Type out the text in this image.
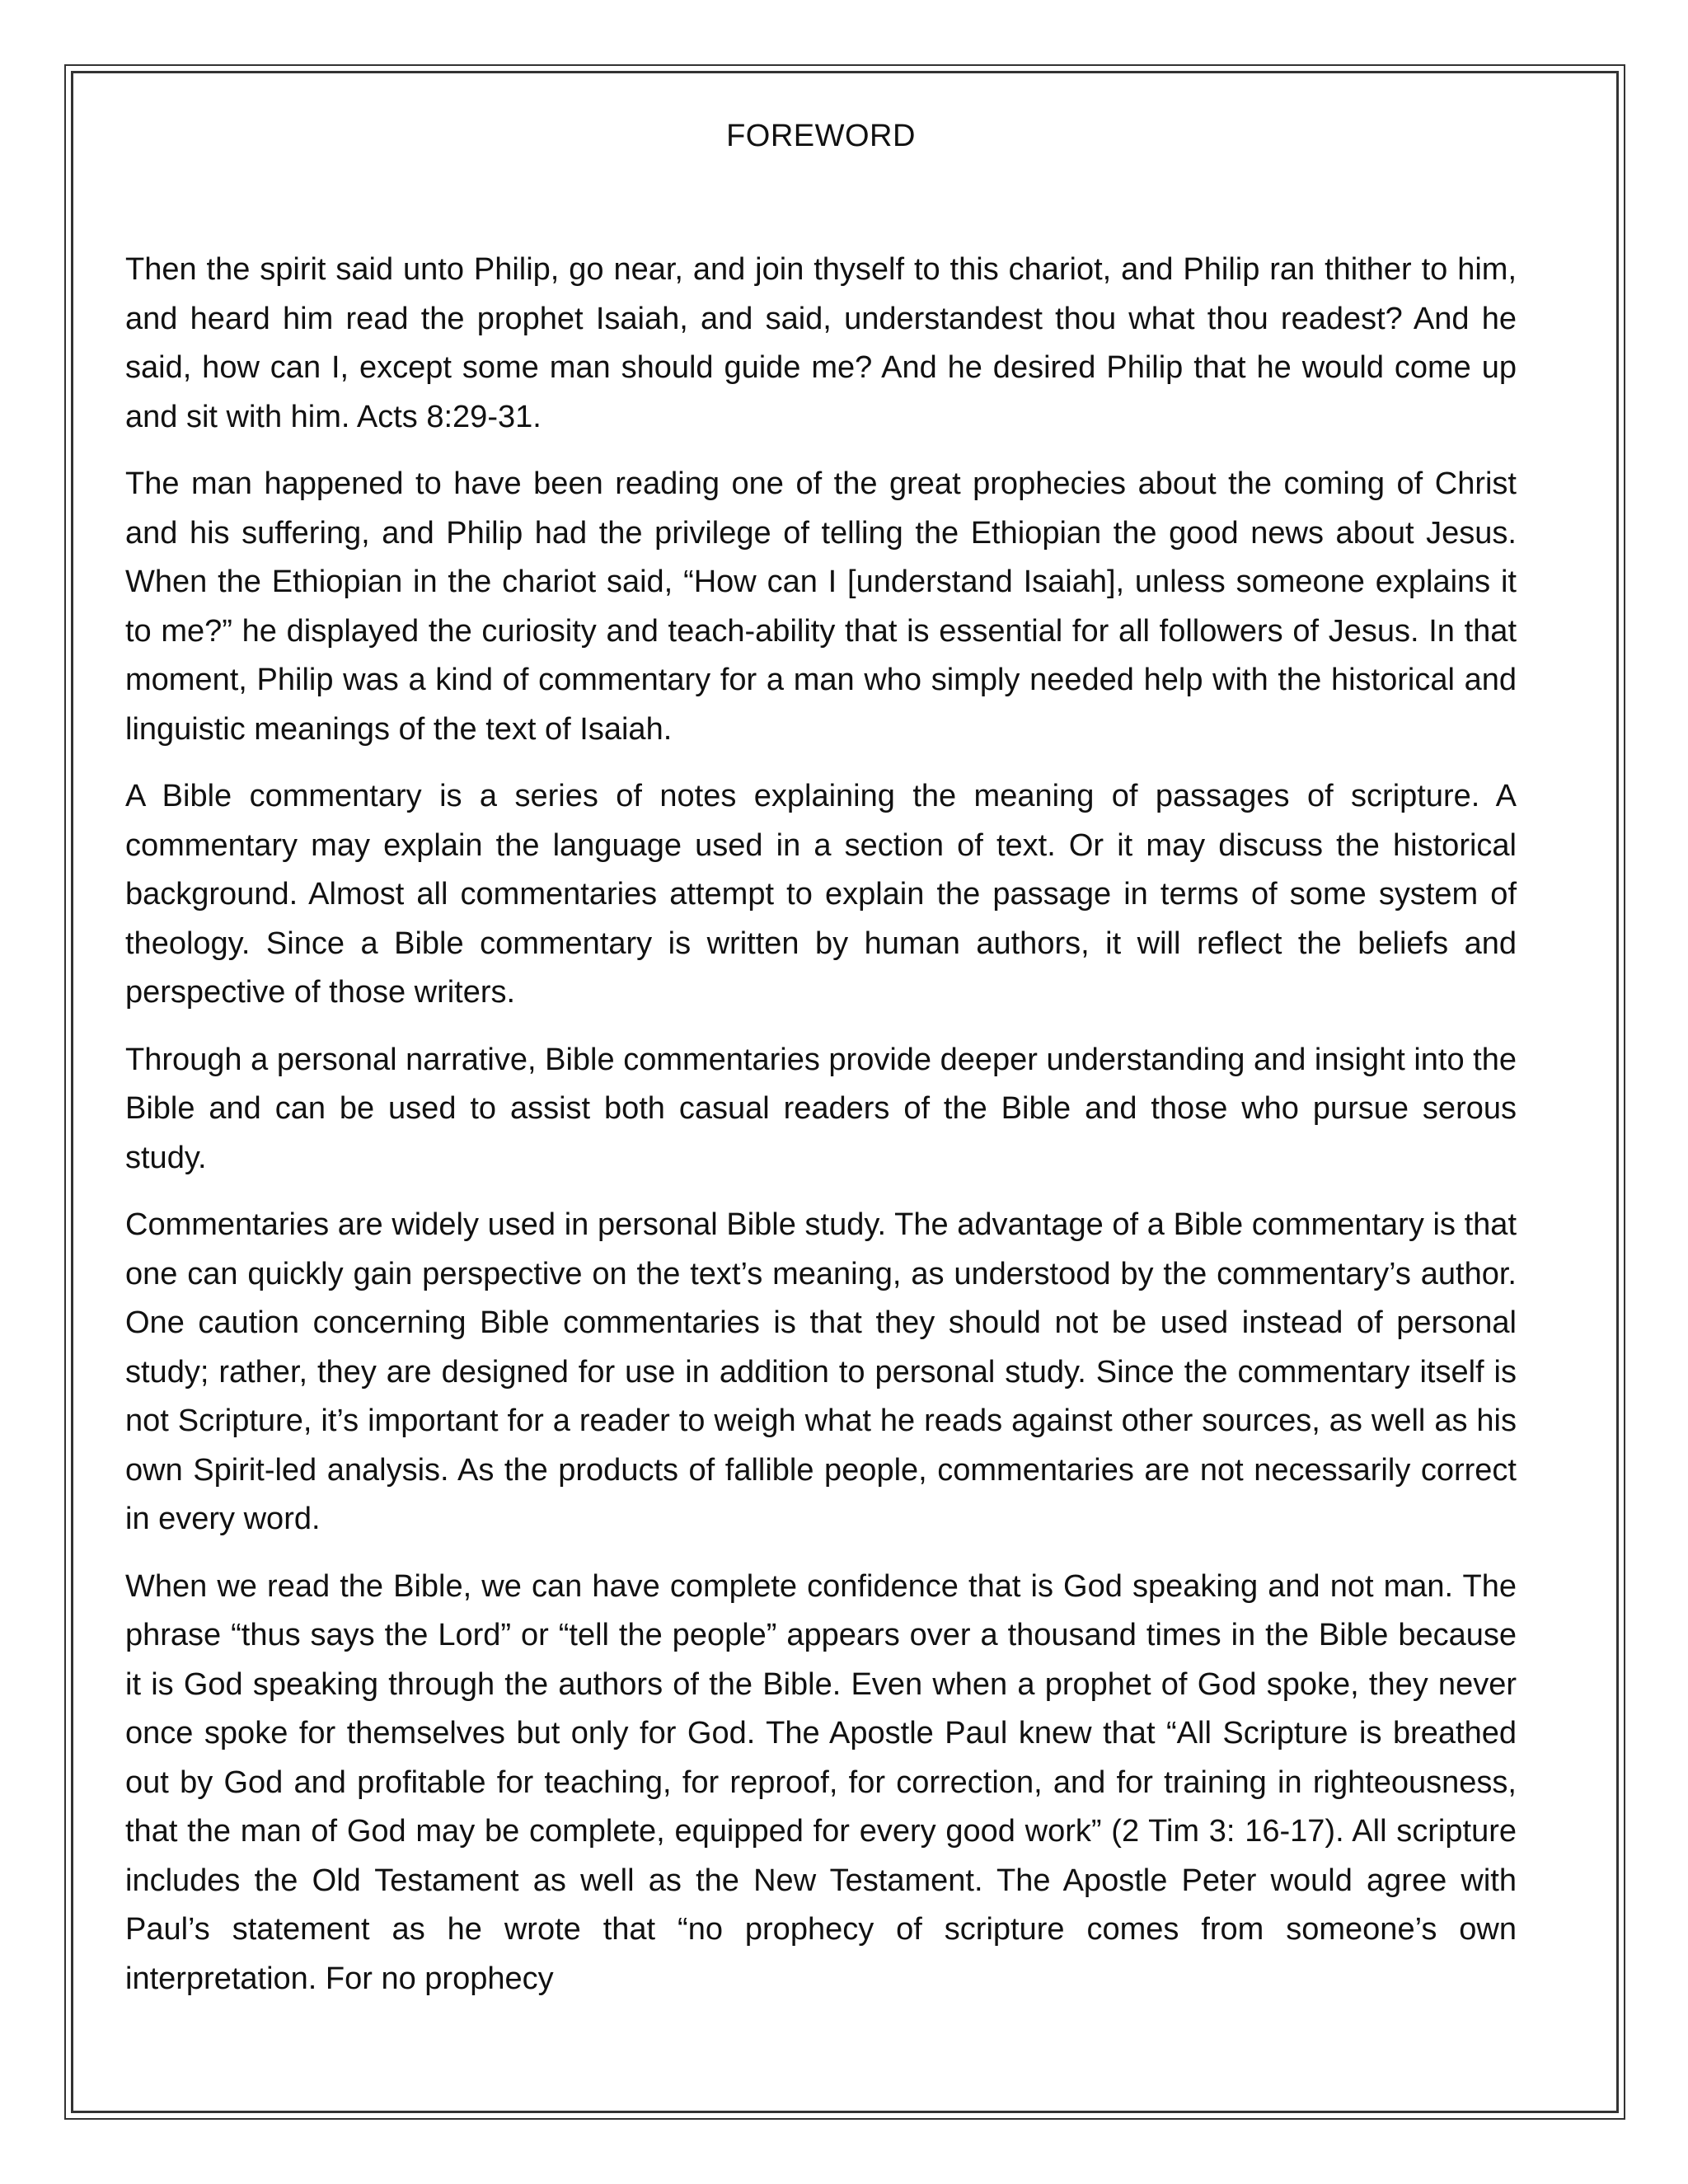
FOREWORD

Then the spirit said unto Philip, go near, and join thyself to this chariot, and Philip ran thither to him, and heard him read the prophet Isaiah, and said, understandest thou what thou readest? And he said, how can I, except some man should guide me? And he desired Philip that he would come up and sit with him. Acts 8:29-31.

The man happened to have been reading one of the great prophecies about the coming of Christ and his suffering, and Philip had the privilege of telling the Ethiopian the good news about Jesus. When the Ethiopian in the chariot said, “How can I [understand Isaiah], unless someone explains it to me?” he displayed the curiosity and teach-ability that is essential for all followers of Jesus. In that moment, Philip was a kind of commentary for a man who simply needed help with the historical and linguistic meanings of the text of Isaiah.

A Bible commentary is a series of notes explaining the meaning of passages of scripture. A commentary may explain the language used in a section of text. Or it may discuss the historical background. Almost all commentaries attempt to explain the passage in terms of some system of theology. Since a Bible commentary is written by human authors, it will reflect the beliefs and perspective of those writers.

Through a personal narrative, Bible commentaries provide deeper understanding and insight into the Bible and can be used to assist both casual readers of the Bible and those who pursue serous study.

Commentaries are widely used in personal Bible study. The advantage of a Bible commentary is that one can quickly gain perspective on the text’s meaning, as understood by the commentary’s author. One caution concerning Bible commentaries is that they should not be used instead of personal study; rather, they are designed for use in addition to personal study. Since the commentary itself is not Scripture, it’s important for a reader to weigh what he reads against other sources, as well as his own Spirit-led analysis. As the products of fallible people, commentaries are not necessarily correct in every word.

When we read the Bible, we can have complete confidence that is God speaking and not man. The phrase “thus says the Lord” or “tell the people” appears over a thousand times in the Bible because it is God speaking through the authors of the Bible. Even when a prophet of God spoke, they never once spoke for themselves but only for God. The Apostle Paul knew that “All Scripture is breathed out by God and profitable for teaching, for reproof, for correction, and for training in righteousness, that the man of God may be complete, equipped for every good work” (2 Tim 3: 16-17). All scripture includes the Old Testament as well as the New Testament. The Apostle Peter would agree with Paul’s statement as he wrote that “no prophecy of scripture comes from someone’s own interpretation. For no prophecy
